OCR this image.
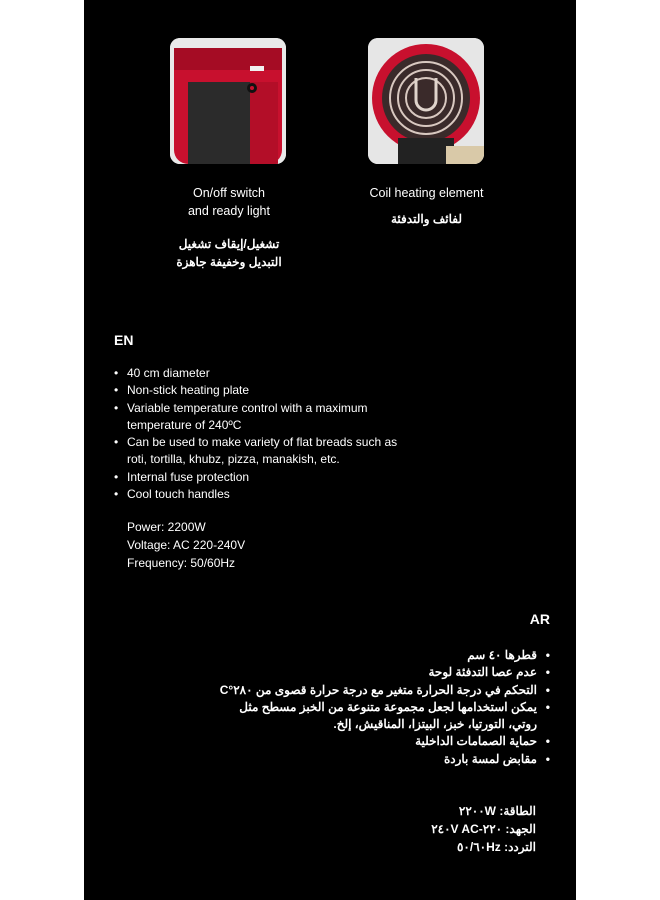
On/off switch
and ready light
تشغيل/إيقاف تشغيل
التبديل وخفيفة جاهزة
Coil heating element
لفائف والتدفئة
EN
• 40 cm diameter
• Non-stick heating plate
• Variable temperature control with a maximum temperature of 240ºC
• Can be used to make variety of flat breads such as roti, tortilla, khubz, pizza, manakish, etc.
• Internal fuse protection
• Cool touch handles
Power: 2200W
Voltage: AC 220-240V
Frequency: 50/60Hz
AR
• قطرها ٤٠ سم
• عدم عصا التدفئة لوحة
• التحكم في درجة الحرارة متغير مع درجة حرارة قصوى من ٢٨٠°C
• يمكن استخدامها لجعل مجموعة متنوعة من الخبز مسطح مثل روتي، التورتيا، خبز، البيتزا، المناقيش، إلخ.
• حماية الصمامات الداخلية
• مقابض لمسة باردة
الطاقة: ٢٢٠٠W
الجهد: ٢٢٠-٢٤٠V AC
التردد: ٥٠/٦٠Hz
